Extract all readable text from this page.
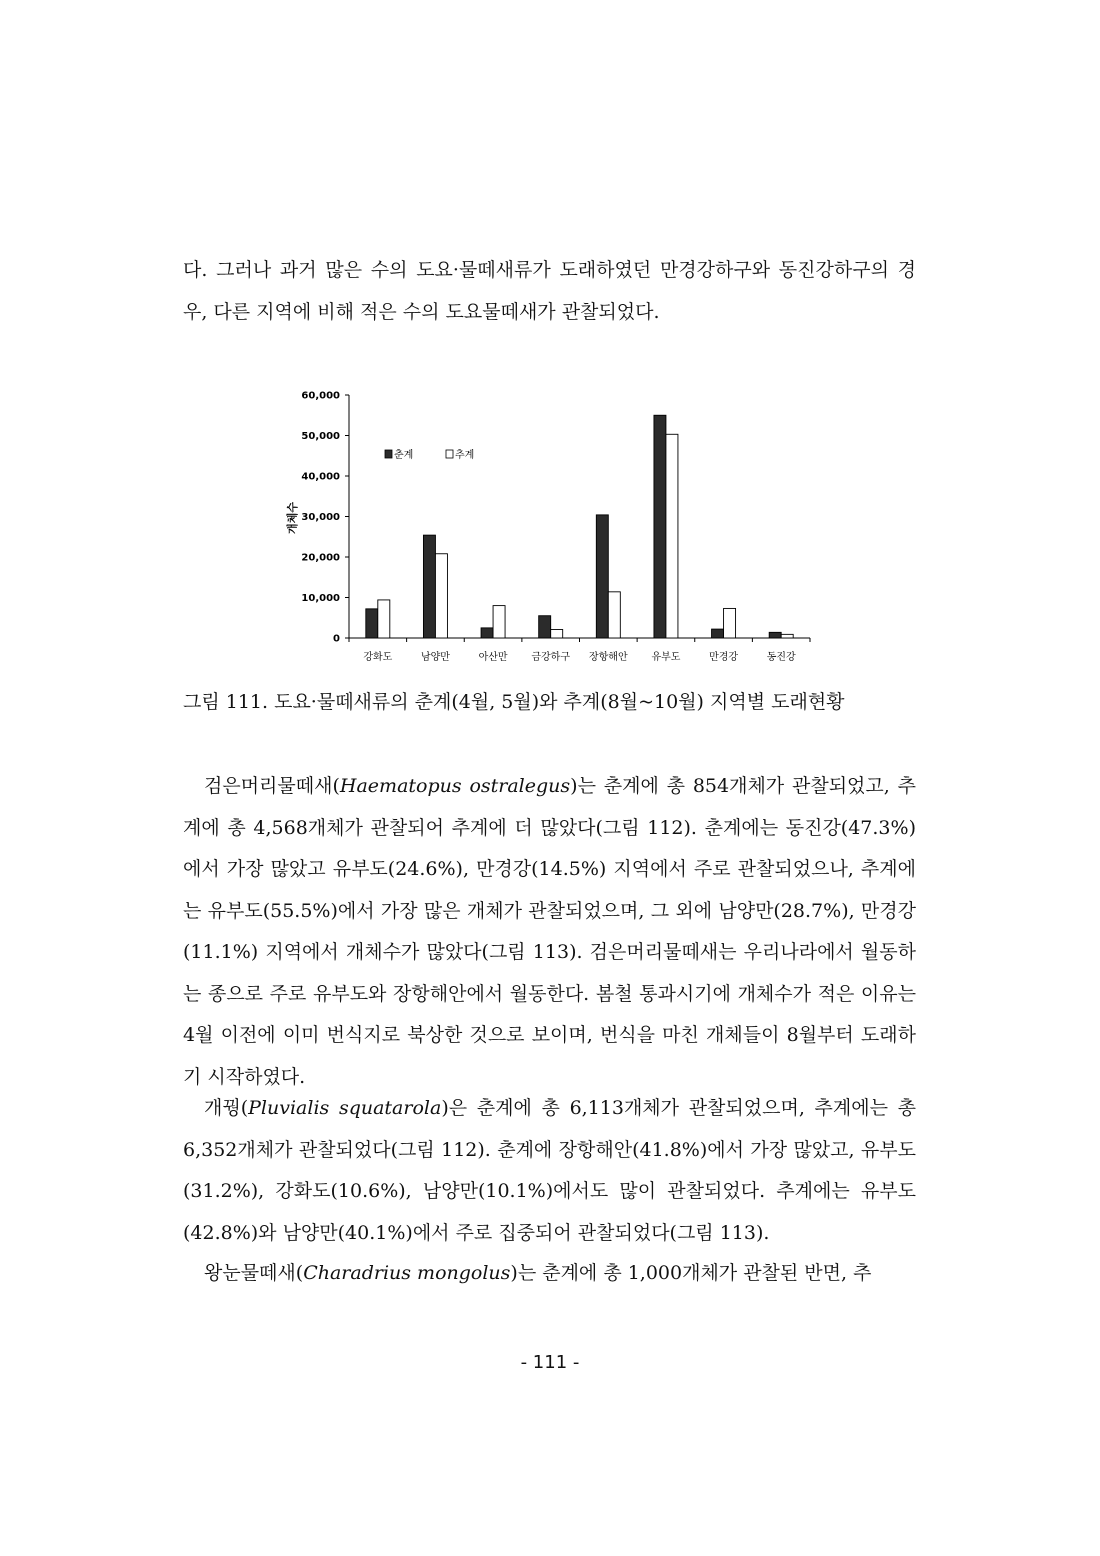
다. 그러나 과거 많은 수의 도요·물떼새류가 도래하였던 만경강하구와 동진강하구의 경우, 다른 지역에 비해 적은 수의 도요물떼새가 관찰되었다.

0
10,000
20,000
30,000
40,000
50,000
60,000
강화도	남양만	아산만 금강하구 장항해안 유부도	만경강	동진강
개체수
춘계	추계

그림 111. 도요·물떼새류의 춘계(4월, 5월)와 추계(8월~10월) 지역별 도래현황

검은머리물떼새(Haematopus ostralegus)는 춘계에 총 854개체가 관찰되었고, 추계에 총 4,568개체가 관찰되어 추계에 더 많았다(그림 112). 춘계에는 동진강(47.3%)에서 가장 많았고 유부도(24.6%), 만경강(14.5%) 지역에서 주로 관찰되었으나, 추계에는 유부도(55.5%)에서 가장 많은 개체가 관찰되었으며, 그 외에 남양만(28.7%), 만경강(11.1%) 지역에서 개체수가 많았다(그림 113). 검은머리물떼새는 우리나라에서 월동하는 종으로 주로 유부도와 장항해안에서 월동한다. 봄철 통과시기에 개체수가 적은 이유는 4월 이전에 이미 번식지로 북상한 것으로 보이며, 번식을 마친 개체들이 8월부터 도래하기 시작하였다.

개꿩(Pluvialis squatarola)은 춘계에 총 6,113개체가 관찰되었으며, 추계에는 총 6,352개체가 관찰되었다(그림 112). 춘계에 장항해안(41.8%)에서 가장 많았고, 유부도(31.2%), 강화도(10.6%), 남양만(10.1%)에서도 많이 관찰되었다. 추계에는 유부도(42.8%)와 남양만(40.1%)에서 주로 집중되어 관찰되었다(그림 113).

왕눈물떼새(Charadrius mongolus)는 춘계에 총 1,000개체가 관찰된 반면, 추

- 111 -
